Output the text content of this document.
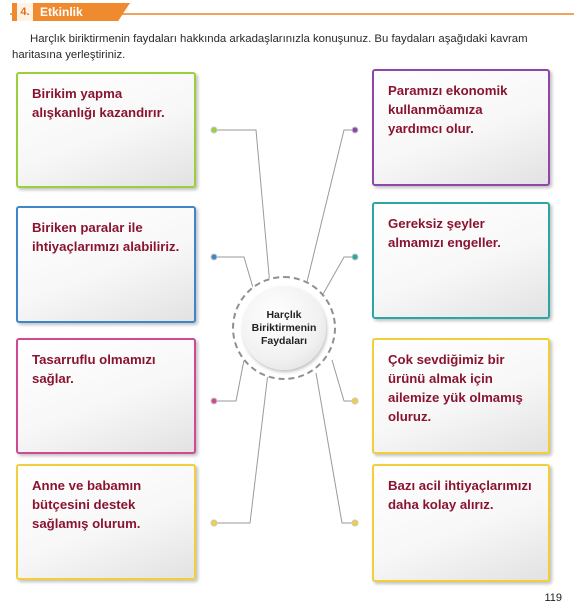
4. Etkinlik
Harçlık biriktirmenin faydaları hakkında arkadaşlarınızla konuşunuz. Bu faydaları aşağıdaki kavram haritasına yerleştiriniz.
Birikim yapma alışkanlığı kazandırır.
Biriken paralar ile ihtiyaçlarımızı alabiliriz.
Tasarruflu olmamızı sağlar.
Anne ve babamın bütçesini destek sağlamış olurum.
Paramızı ekonomik kullanmöamıza yardımcı olur.
Gereksiz şeyler almamızı engeller.
Çok sevdiğimiz bir ürünü almak için ailemize yük olmamış oluruz.
Bazı acil ihtiyaçlarımızı daha kolay alırız.
Harçlık
Biriktirmenin
Faydaları
119
